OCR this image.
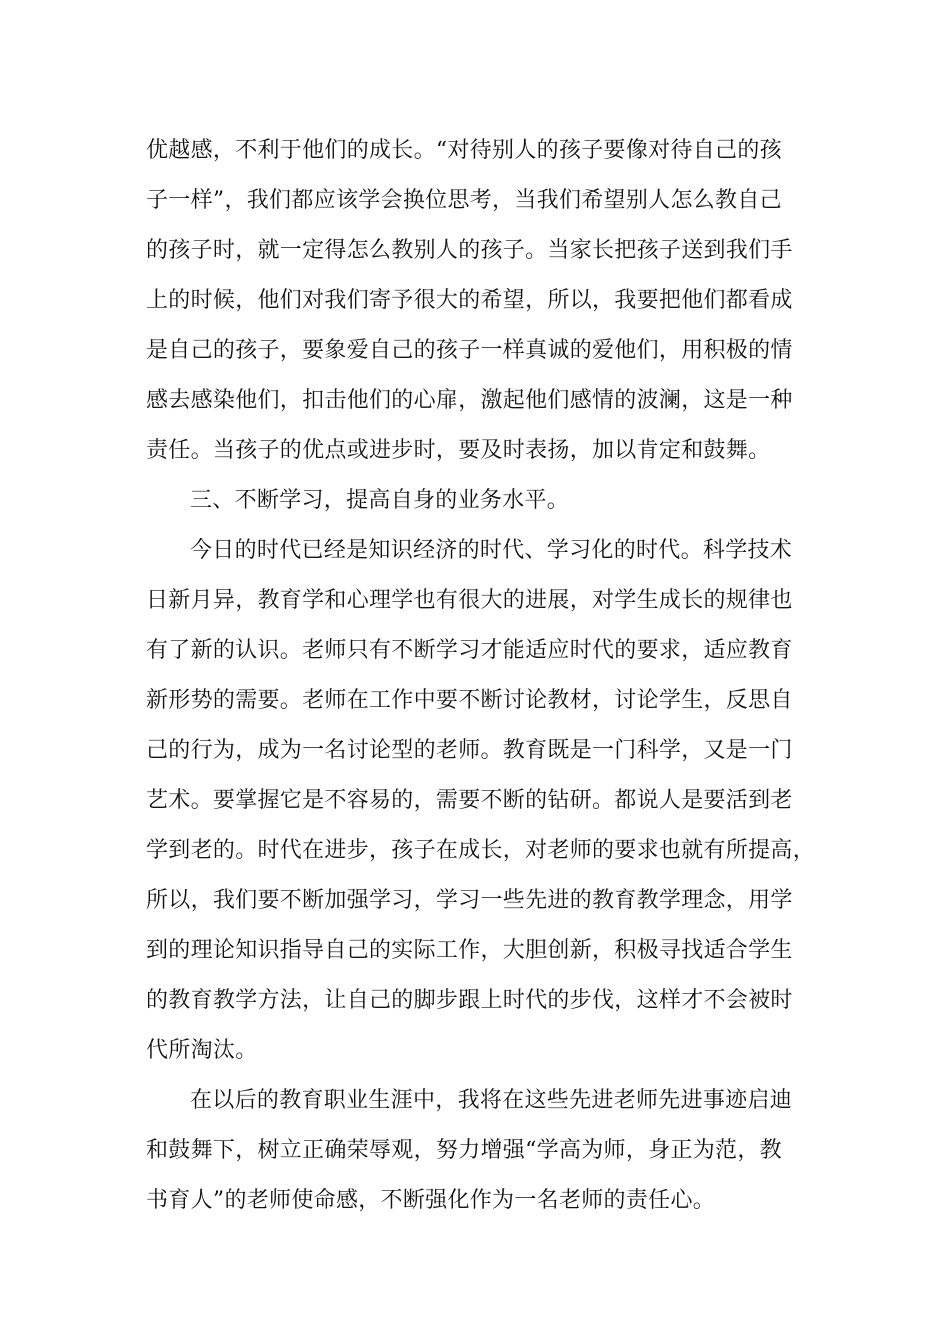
优越感，不利于他们的成长。“对待别人的孩子要像对待自己的孩
子一样”，我们都应该学会换位思考，当我们希望别人怎么教自己
的孩子时，就一定得怎么教别人的孩子。当家长把孩子送到我们手
上的时候，他们对我们寄予很大的希望，所以，我要把他们都看成
是自己的孩子，要象爱自己的孩子一样真诚的爱他们，用积极的情
感去感染他们，扣击他们的心扉，激起他们感情的波澜，这是一种
责任。当孩子的优点或进步时，要及时表扬，加以肯定和鼓舞。
三、不断学习，提高自身的业务水平。
今日的时代已经是知识经济的时代、学习化的时代。科学技术
日新月异，教育学和心理学也有很大的进展，对学生成长的规律也
有了新的认识。老师只有不断学习才能适应时代的要求，适应教育
新形势的需要。老师在工作中要不断讨论教材，讨论学生，反思自
己的行为，成为一名讨论型的老师。教育既是一门科学，又是一门
艺术。要掌握它是不容易的，需要不断的钻研。都说人是要活到老
学到老的。时代在进步，孩子在成长，对老师的要求也就有所提高，
所以，我们要不断加强学习，学习一些先进的教育教学理念，用学
到的理论知识指导自己的实际工作，大胆创新，积极寻找适合学生
的教育教学方法，让自己的脚步跟上时代的步伐，这样才不会被时
代所淘汰。
在以后的教育职业生涯中，我将在这些先进老师先进事迹启迪
和鼓舞下，树立正确荣辱观，努力增强“学高为师，身正为范，教
书育人”的老师使命感，不断强化作为一名老师的责任心。
